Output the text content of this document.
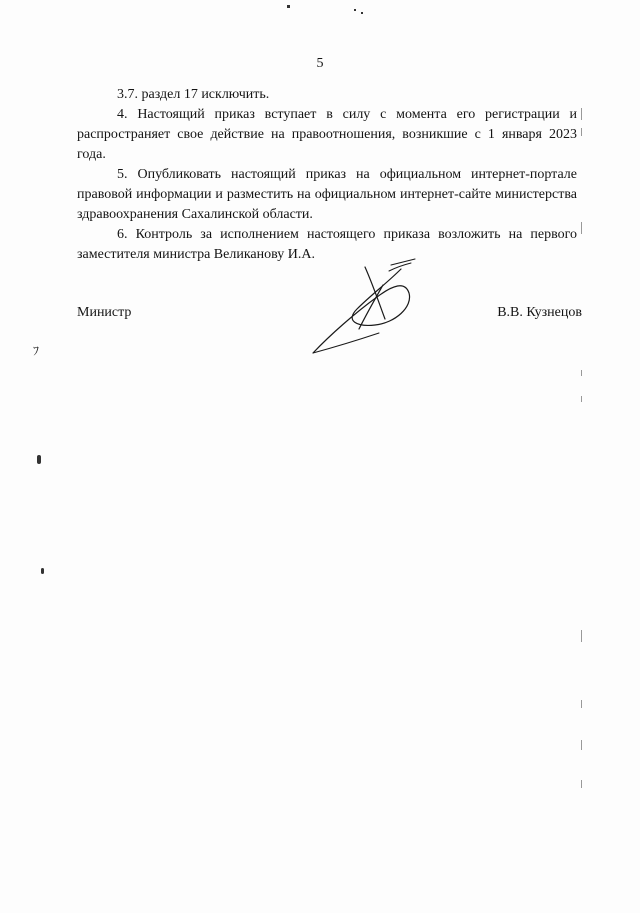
5

3.7. раздел 17 исключить.

4. Настоящий приказ вступает в силу с момента его регистрации и распространяет свое действие на правоотношения, возникшие с 1 января 2023 года.

5. Опубликовать настоящий приказ на официальном интернет-портале правовой информации и разместить на официальном интернет-сайте министерства здравоохранения Сахалинской области.

6. Контроль за исполнением настоящего приказа возложить на первого заместителя министра Великанову И.А.

Министр	В.В. Кузнецов
ﾌ
